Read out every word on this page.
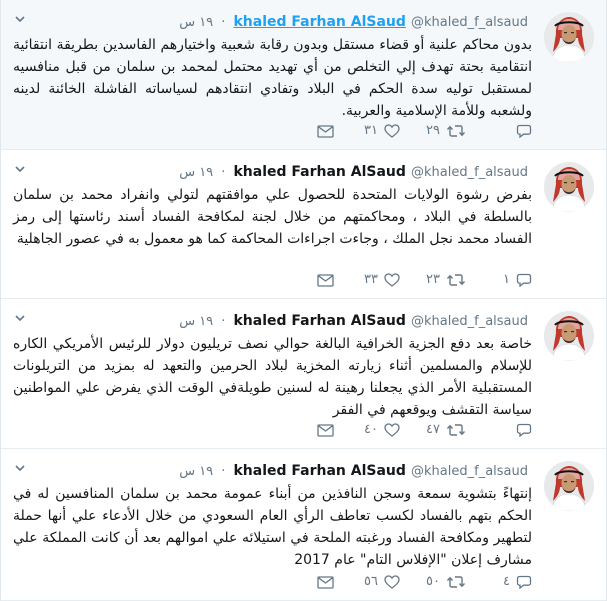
khaled Farhan AlSaud @khaled_f_alsaud · ١٩ س
بدون محاكم علنية أو قضاء مستقل وبدون رقابة شعبية واختيارهم الفاسدين بطريقة انتقائية انتقامية بحتة تهدف إلي التخلص من أي تهديد محتمل لمحمد بن سلمان من قبل منافسيه لمستقبل توليه سدة الحكم في البلاد وتفادي انتقادهم لسياساته الفاشلة الخائنة لدينه ولشعبه وللأمة الإسلامية والعربية.
٢٩
٣١
khaled Farhan AlSaud @khaled_f_alsaud · ١٩ س
بفرض رشوة الولايات المتحدة للحصول علي موافقتهم لتولي وانفراد محمد بن سلمان بالسلطة في البلاد ، ومحاكمتهم من خلال لجنة لمكافحة الفساد أسند رئاستها إلى رمز الفساد محمد نجل الملك ، وجاءت اجراءات المحاكمة كما هو معمول به في عصور الجاهلية
١
٢٣
٣٣
khaled Farhan AlSaud @khaled_f_alsaud · ١٩ س
خاصة بعد دفع الجزية الخرافية البالغة حوالي نصف تريليون دولار للرئيس الأمريكي الكاره للإسلام والمسلمين أثناء زيارته المخزية لبلاد الحرمين والتعهد له بمزيد من التريلونات المستقبلية الأمر الذي يجعلنا رهينة له لسنين طويلةفي الوقت الذي يفرض علي المواطنين سياسة التقشف ويوقعهم في الفقر
٤٧
٤٠
khaled Farhan AlSaud @khaled_f_alsaud · ١٩ س
إنتهاءً بتشوية سمعة وسجن النافذين من أبناء عمومة محمد بن سلمان المنافسين له في الحكم بتهم بالفساد لكسب تعاطف الرأي العام السعودي من خلال الأدعاء علي أنها حملة لتطهير ومكافحة الفساد ورغبته الملحة في استيلائه علي اموالهم بعد أن كانت المملكة علي مشارف إعلان "الإفلاس التام" عام 2017
٤
٥٠
٥٦
